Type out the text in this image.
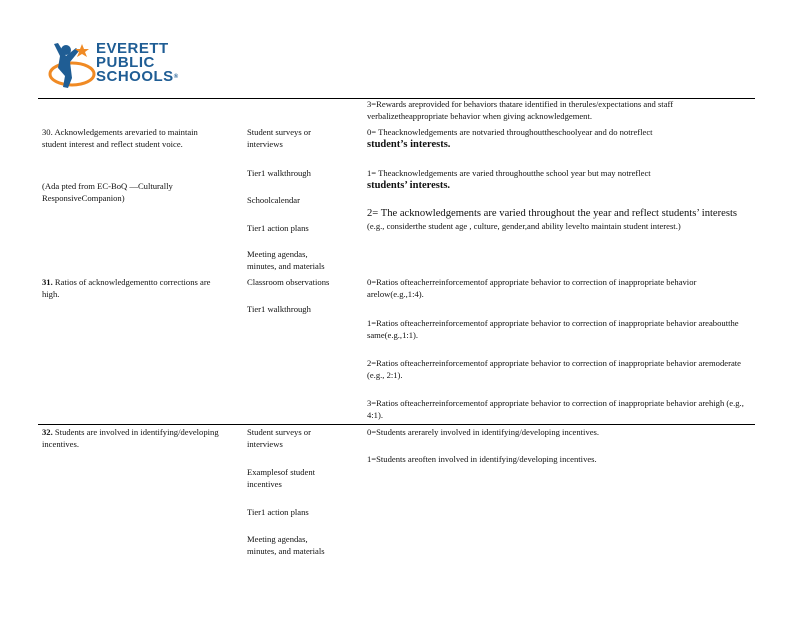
EVERETT
PUBLIC
SCHOOLS®

3=Rewards areprovided for behaviors thatare identified in therules/expectations and staff verbalizetheappropriate behavior when giving acknowledgement.

30. Acknowledgements arevaried to maintain student interest and reflect student voice.

(Ada pted from EC-BoQ —Culturally ResponsiveCompanion)

Student surveys or interviews

Tier1 walkthrough

Schoolcalendar

Tier1 action plans

Meeting agendas, minutes, and materials

0= Theacknowledgements are notvaried throughouttheschoolyear and do notreflect

student’s interests.

1= Theacknowledgements are varied throughoutthe school year but may notreflect

students’ interests.

2= The acknowledgements are varied throughout the year and reflect students’ interests

(e.g., considerthe student age , culture, gender,and ability levelto maintain student interest.)

31. Ratios of acknowledgementto corrections are high.

Classroom observations

Tier1 walkthrough

0=Ratios ofteacherreinforcementof appropriate behavior to correction of inappropriate behavior arelow(e.g.,1:4).

1=Ratios ofteacherreinforcementof appropriate behavior to correction of inappropriate behavior areaboutthe same(e.g.,1:1).

2=Ratios ofteacherreinforcementof appropriate behavior to correction of inappropriate behavior aremoderate (e.g., 2:1).

3=Ratios ofteacherreinforcementof appropriate behavior to correction of inappropriate behavior arehigh (e.g., 4:1).

32. Students are involved in identifying/developing incentives.

Student surveys or interviews

Examplesof student incentives

Tier1 action plans

Meeting agendas, minutes, and materials

0=Students arerarely involved in identifying/developing incentives.

1=Students areoften involved in identifying/developing incentives.
